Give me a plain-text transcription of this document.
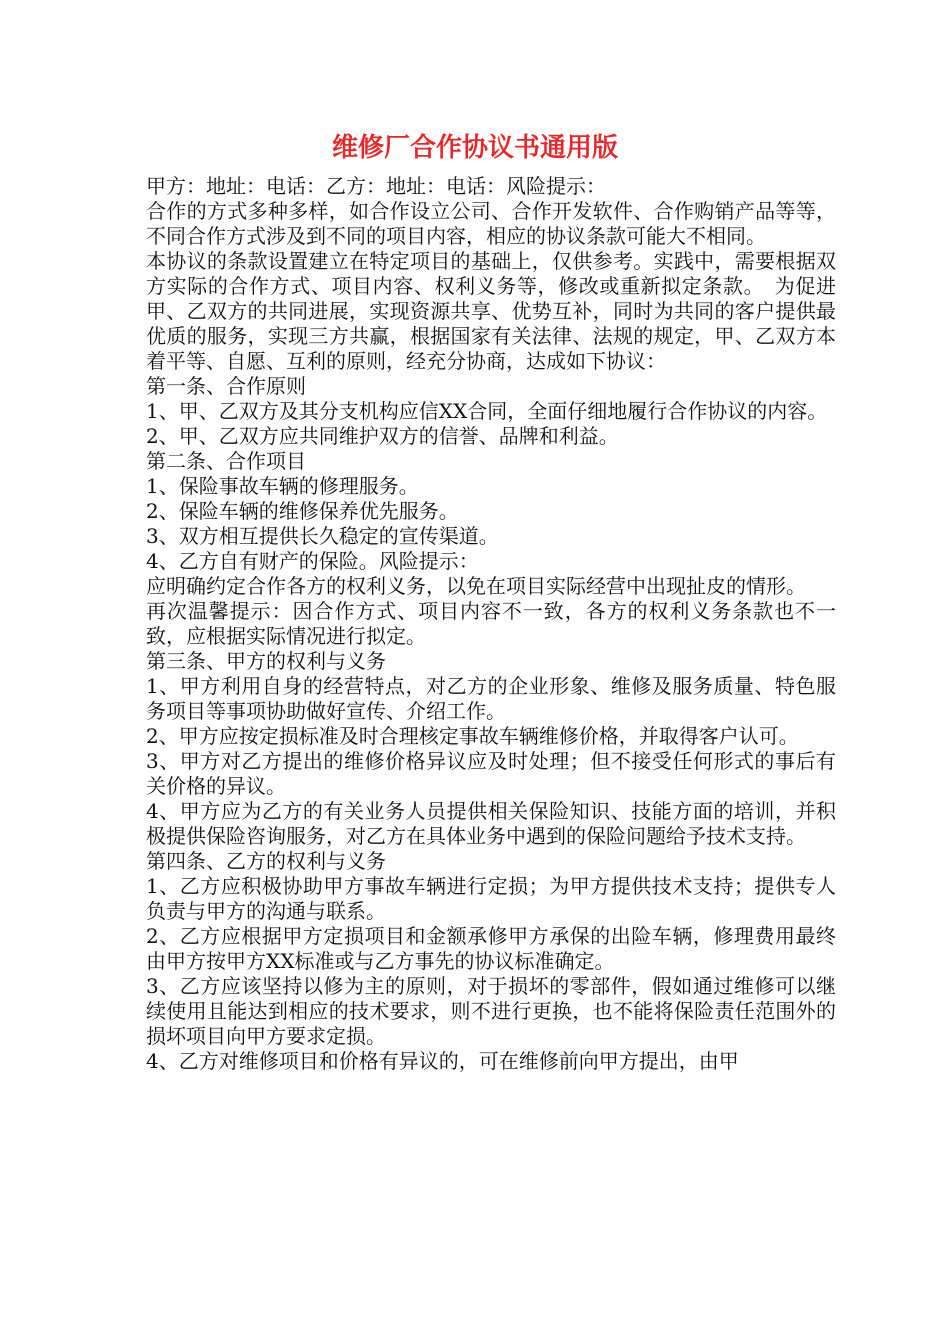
维修厂合作协议书通用版

甲方：地址：电话：乙方：地址：电话：风险提示：

合作的方式多种多样，如合作设立公司、合作开发软件、合作购销产品等等，不同合作方式涉及到不同的项目内容，相应的协议条款可能大不相同。

本协议的条款设置建立在特定项目的基础上，仅供参考。实践中，需要根据双方实际的合作方式、项目内容、权利义务等，修改或重新拟定条款。　为促进甲、乙双方的共同进展，实现资源共享、优势互补，同时为共同的客户提供最优质的服务，实现三方共赢，根据国家有关法律、法规的规定，甲、乙双方本着平等、自愿、互利的原则，经充分协商，达成如下协议：

第一条、合作原则

1、甲、乙双方及其分支机构应信XX合同，全面仔细地履行合作协议的内容。

2、甲、乙双方应共同维护双方的信誉、品牌和利益。

第二条、合作项目

1、保险事故车辆的修理服务。

2、保险车辆的维修保养优先服务。

3、双方相互提供长久稳定的宣传渠道。

4、乙方自有财产的保险。风险提示：

应明确约定合作各方的权利义务，以免在项目实际经营中出现扯皮的情形。

再次温馨提示：因合作方式、项目内容不一致，各方的权利义务条款也不一致，应根据实际情况进行拟定。

第三条、甲方的权利与义务

1、甲方利用自身的经营特点，对乙方的企业形象、维修及服务质量、特色服务项目等事项协助做好宣传、介绍工作。

2、甲方应按定损标准及时合理核定事故车辆维修价格，并取得客户认可。

3、甲方对乙方提出的维修价格异议应及时处理；但不接受任何形式的事后有关价格的异议。

4、甲方应为乙方的有关业务人员提供相关保险知识、技能方面的培训，并积极提供保险咨询服务，对乙方在具体业务中遇到的保险问题给予技术支持。

第四条、乙方的权利与义务

1、乙方应积极协助甲方事故车辆进行定损；为甲方提供技术支持；提供专人负责与甲方的沟通与联系。

2、乙方应根据甲方定损项目和金额承修甲方承保的出险车辆，修理费用最终由甲方按甲方XX标准或与乙方事先的协议标准确定。

3、乙方应该坚持以修为主的原则，对于损坏的零部件，假如通过维修可以继续使用且能达到相应的技术要求，则不进行更换，也不能将保险责任范围外的损坏项目向甲方要求定损。

4、乙方对维修项目和价格有异议的，可在维修前向甲方提出，由甲
